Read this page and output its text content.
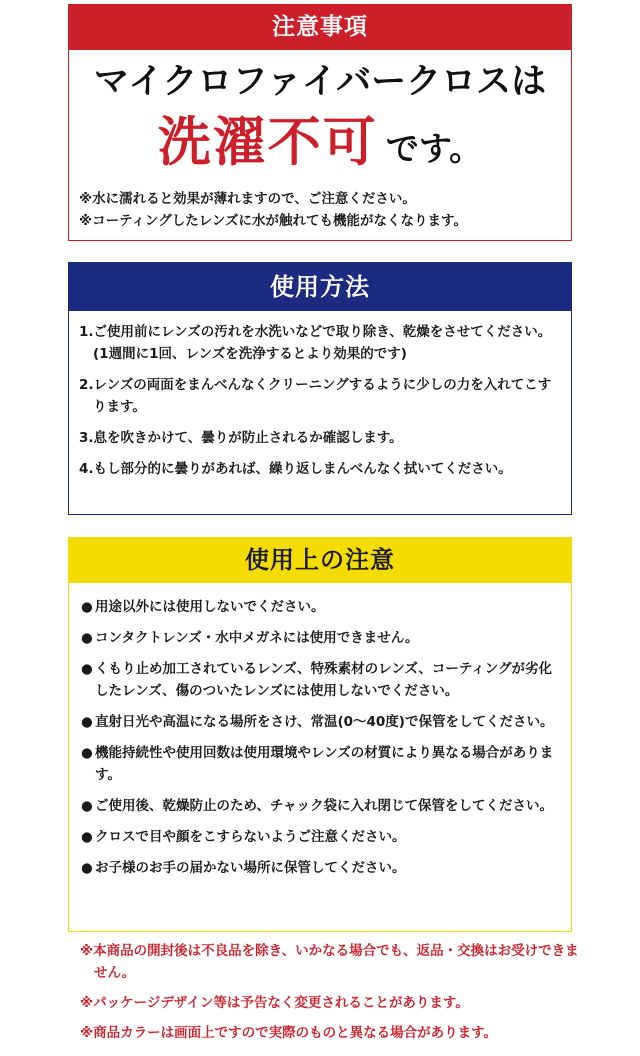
注意事項
マイクロファイバークロスは
洗濯不可 です。
※水に濡れると効果が薄れますので、ご注意ください。
※コーティングしたレンズに水が触れても機能がなくなります。
使用方法
1.ご使用前にレンズの汚れを水洗いなどで取り除き、乾燥をさせてください。
(1週間に1回、レンズを洗浄するとより効果的です)
2.レンズの両面をまんべんなくクリーニングするように少しの力を入れてこすります。
3.息を吹きかけて、曇りが防止されるか確認します。
4.もし部分的に曇りがあれば、繰り返しまんべんなく拭いてください。
使用上の注意
● 用途以外には使用しないでください。
● コンタクトレンズ・水中メガネには使用できません。
● くもり止め加工されているレンズ、特殊素材のレンズ、コーティングが劣化したレンズ、傷のついたレンズには使用しないでください。
● 直射日光や高温になる場所をさけ、常温(0～40度)で保管をしてください。
● 機能持続性や使用回数は使用環境やレンズの材質により異なる場合があります。
● ご使用後、乾燥防止のため、チャック袋に入れ閉じて保管をしてください。
● クロスで目や顔をこすらないようご注意ください。
● お子様のお手の届かない場所に保管してください。
※本商品の開封後は不良品を除き、いかなる場合でも、返品・交換はお受けできません。
※パッケージデザイン等は予告なく変更されることがあります。
※商品カラーは画面上ですので実際のものと異なる場合があります。
